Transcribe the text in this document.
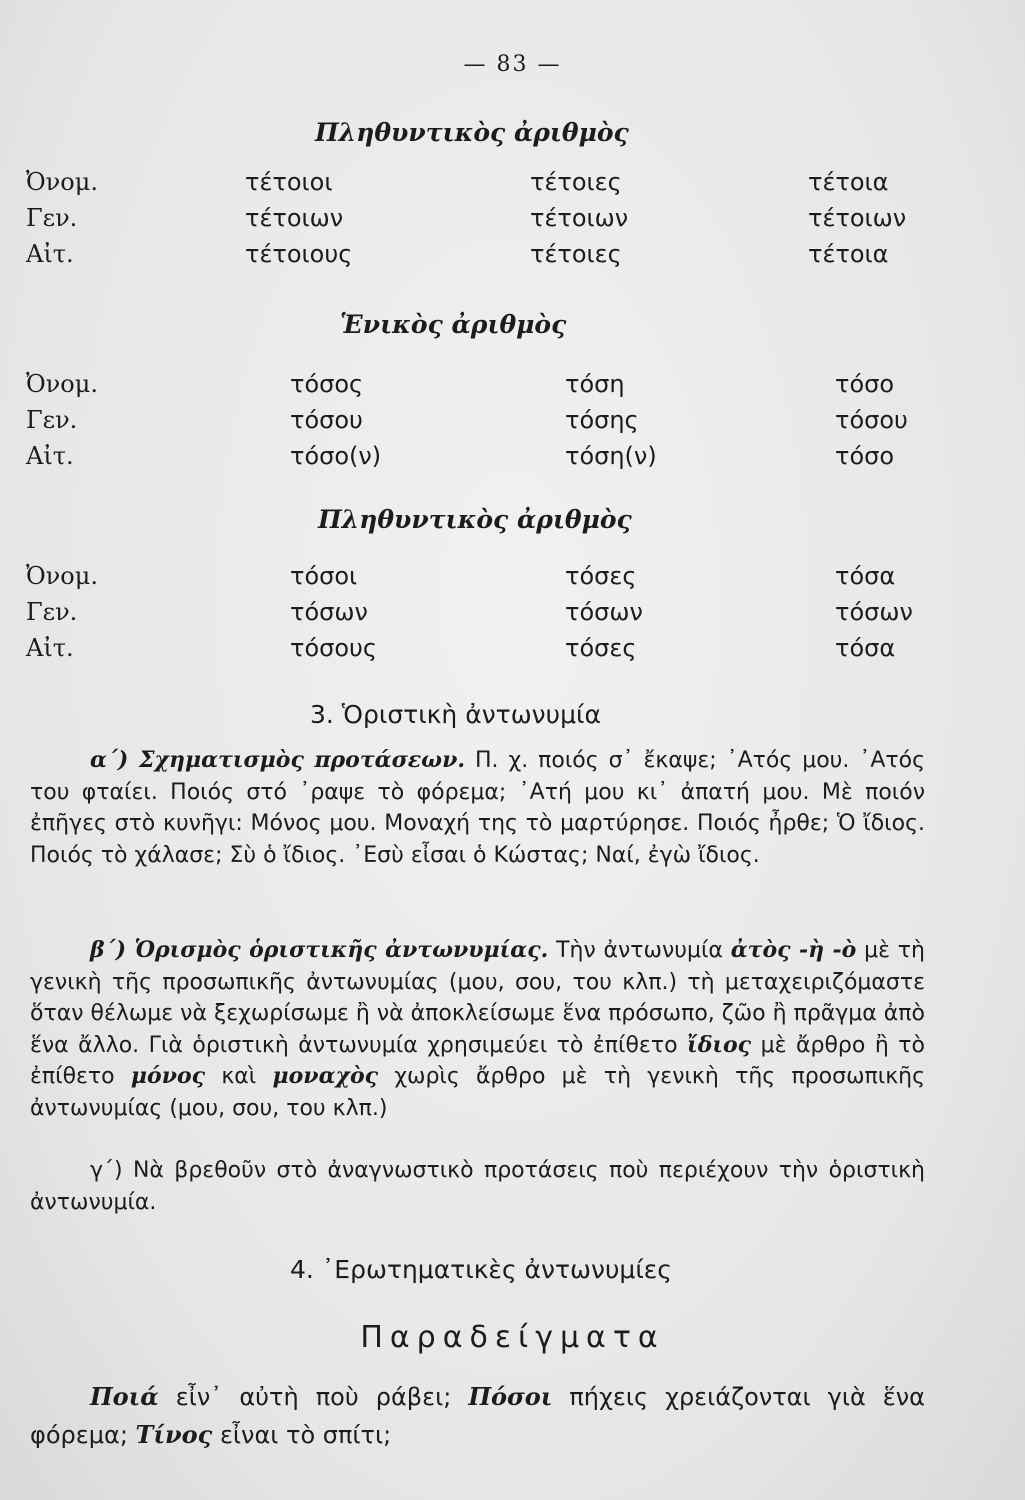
— 83 —
Πληθυντικὸς ἀριθμὸς
Ὀνομ.	τέτοιοι	τέτοιες	τέτοια
Γεν.	τέτοιων	τέτοιων	τέτοιων
Αἰτ.	τέτοιους	τέτοιες	τέτοια
Ἑνικὸς ἀριθμὸς
Ὀνομ.	τόσος	τόση	τόσο
Γεν.	τόσου	τόσης	τόσου
Αἰτ.	τόσο(ν)	τόση(ν)	τόσο
Πληθυντικὸς ἀριθμὸς
Ὀνομ.	τόσοι	τόσες	τόσα
Γεν.	τόσων	τόσων	τόσων
Αἰτ.	τόσους	τόσες	τόσα
3. Ὁριστικὴ ἀντωνυμία
α΄) Σχηματισμὸς προτάσεων. Π. χ. ποιός σ᾽ ἔκαψε; ᾽Ατός μου. ᾽Ατός του φταίει. Ποιός στό ᾽ραψε τὸ φόρεμα; ᾽Ατή μου κι᾽ ἀπατή μου. Μὲ ποιόν ἐπῆγες στὸ κυνῆγι: Μόνος μου. Μοναχή της τὸ μαρτύρησε. Ποιός ἦρθε; Ὁ ἴδιος. Ποιός τὸ χάλασε; Σὺ ὁ ἴδιος. ᾽Εσὺ εἶσαι ὁ Κώστας; Ναί, ἐγὼ ἴδιος.
β΄) Ὁρισμὸς ὁριστικῆς ἀντωνυμίας. Τὴν ἀντωνυμία ἀτὸς -ὴ -ὸ μὲ τὴ γενικὴ τῆς προσωπικῆς ἀντωνυμίας (μου, σου, του κλπ.) τὴ μεταχειριζόμαστε ὅταν θέλωμε νὰ ξεχωρίσωμε ἢ νὰ ἀποκλείσωμε ἕνα πρόσωπο, ζῶο ἢ πρᾶγμα ἀπὸ ἕνα ἄλλο. Γιὰ ὁριστικὴ ἀντωνυμία χρησιμεύει τὸ ἐπίθετο ἴδιος μὲ ἄρθρο ἢ τὸ ἐπίθετο μόνος καὶ μοναχὸς χωρὶς ἄρθρο μὲ τὴ γενικὴ τῆς προσωπικῆς ἀντωνυμίας (μου, σου, του κλπ.)
γ΄) Νὰ βρεθοῦν στὸ ἀναγνωστικὸ προτάσεις ποὺ περιέχουν τὴν ὁριστικὴ ἀντωνυμία.
4. ᾽Ερωτηματικὲς ἀντωνυμίες
Παραδείγματα
Ποιά εἶν᾽ αὐτὴ ποὺ ράβει; Πόσοι πήχεις χρειάζονται γιὰ ἕνα φόρεμα; Τίνος εἶναι τὸ σπίτι;
